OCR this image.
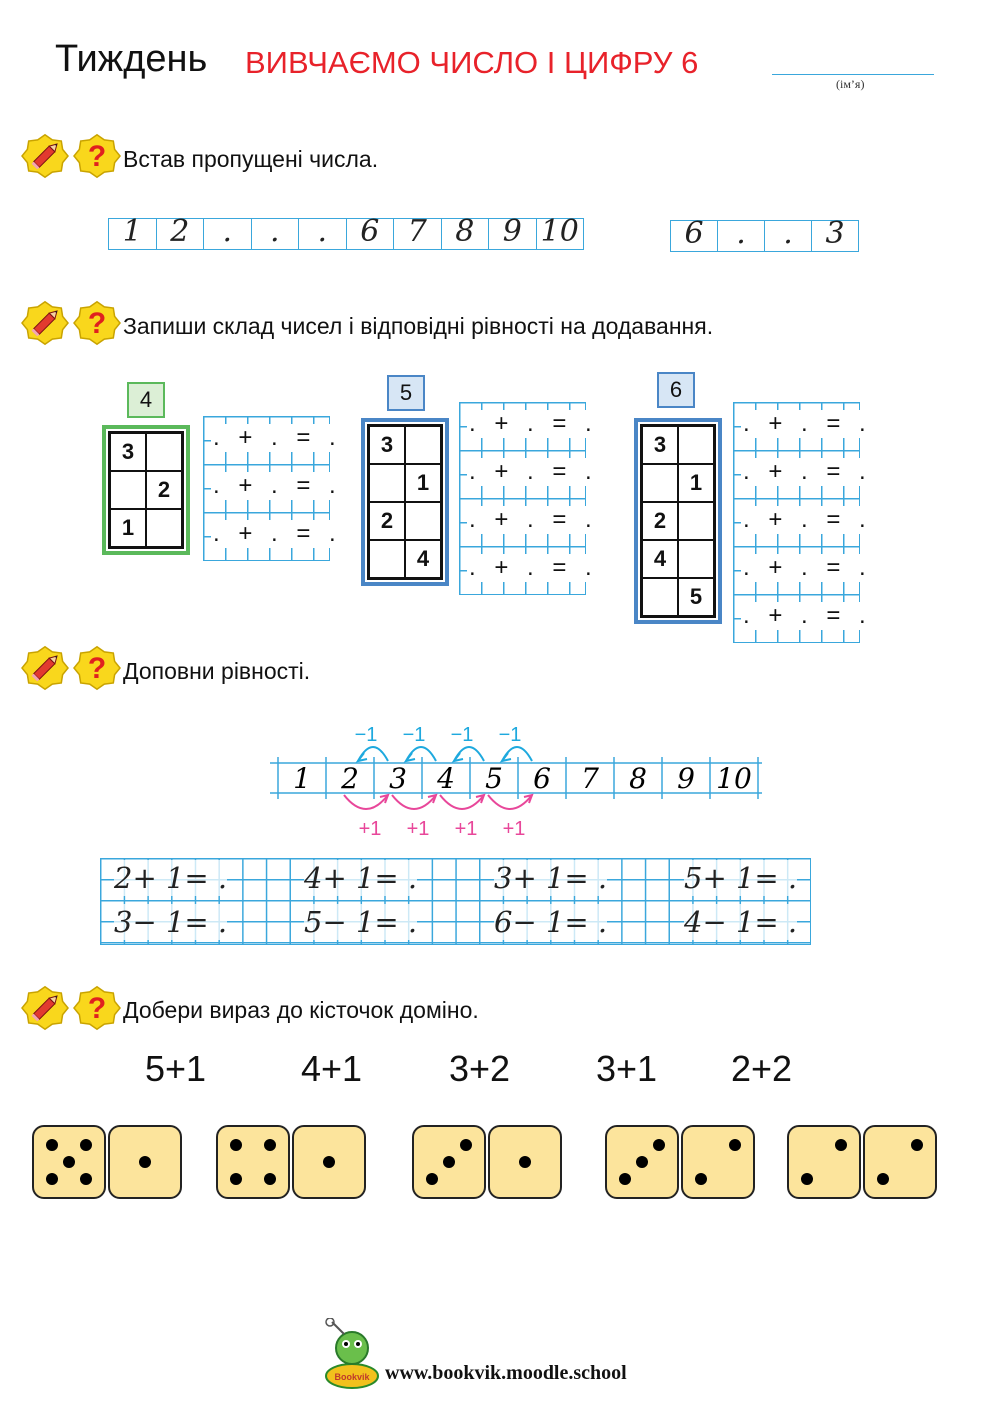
Тиждень ВИВЧАЄМО ЧИСЛО І ЦИФРУ 6
(ім’я)
? Встав пропущені числа.
1 2	.	.	.	6 7 8 9 10	6	.	.	3
? Запиши склад чисел і відповідні рівності на додавання.
4
3
2
1
. + . = .
. + . = .
. + . = .
5
3
1
2
4
. + . = .
. + . = .
. + . = .
. + . = .
6
3
1
2
4
5
. + . = .
. + . = .
. + . = .
. + . = .
. + . = .
? Доповни рівності.
1 2 3 4 5 6 7 8 9 10
−1 −1 −1 −1
+1 +1 +1 +1
2+ 1= .	4+ 1= .	3+ 1= .	5+ 1= .
3− 1= .	5− 1= .	6− 1= .	4− 1= .
? Добери вираз до кісточок доміно.
5+1	4+1 3+2 3+1 2+2
Bookvik www.bookvik.moodle.school
